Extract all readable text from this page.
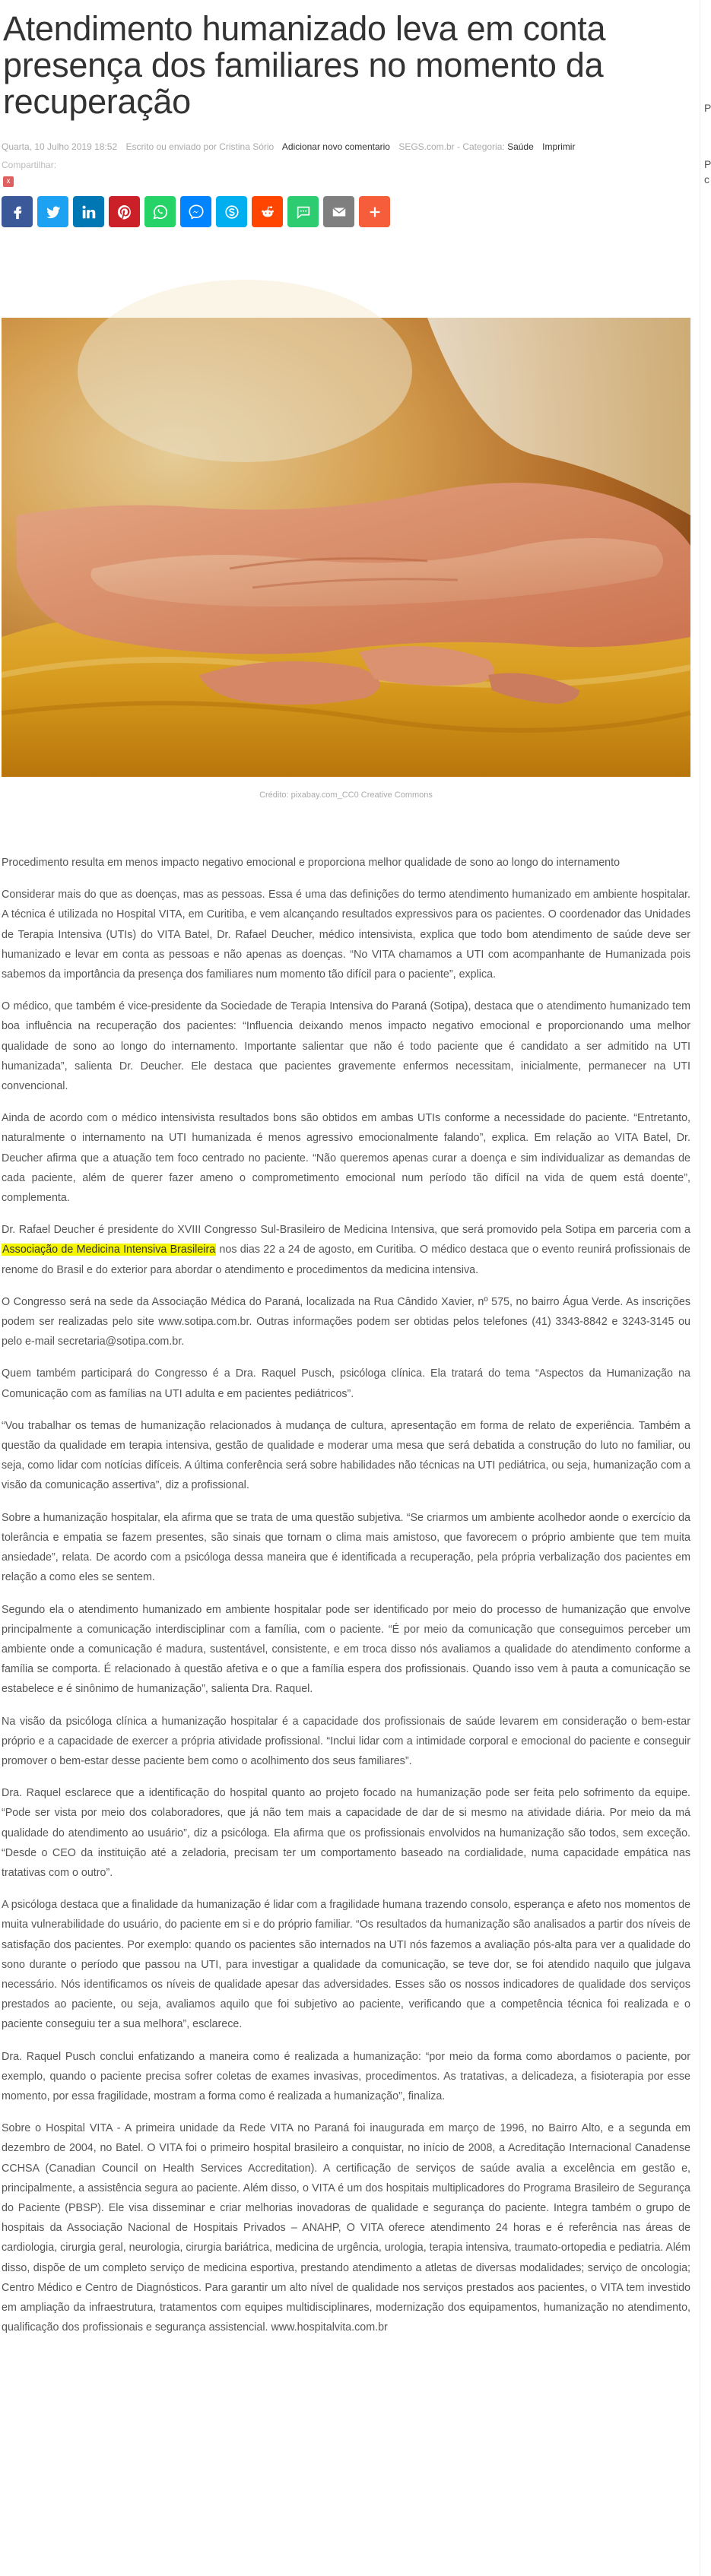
Atendimento humanizado leva em conta presença dos familiares no momento da recuperação
Quarta, 10 Julho 2019 18:52 Escrito ou enviado por Cristina Sório Adicionar novo comentario SEGS.com.br - Categoria: Saúde Imprimir
Compartilhar:
x
Crédito: pixabay.com_CC0 Creative Commons

Procedimento resulta em menos impacto negativo emocional e proporciona melhor qualidade de sono ao longo do internamento

Considerar mais do que as doenças, mas as pessoas. Essa é uma das definições do termo atendimento humanizado em ambiente hospitalar. A técnica é utilizada no Hospital VITA, em Curitiba, e vem alcançando resultados expressivos para os pacientes. O coordenador das Unidades de Terapia Intensiva (UTIs) do VITA Batel, Dr. Rafael Deucher, médico intensivista, explica que todo bom atendimento de saúde deve ser humanizado e levar em conta as pessoas e não apenas as doenças. “No VITA chamamos a UTI com acompanhante de Humanizada pois sabemos da importância da presença dos familiares num momento tão difícil para o paciente”, explica.

O médico, que também é vice-presidente da Sociedade de Terapia Intensiva do Paraná (Sotipa), destaca que o atendimento humanizado tem boa influência na recuperação dos pacientes: “Influencia deixando menos impacto negativo emocional e proporcionando uma melhor qualidade de sono ao longo do internamento. Importante salientar que não é todo paciente que é candidato a ser admitido na UTI humanizada”, salienta Dr. Deucher. Ele destaca que pacientes gravemente enfermos necessitam, inicialmente, permanecer na UTI convencional.

Ainda de acordo com o médico intensivista resultados bons são obtidos em ambas UTIs conforme a necessidade do paciente. “Entretanto, naturalmente o internamento na UTI humanizada é menos agressivo emocionalmente falando”, explica. Em relação ao VITA Batel, Dr. Deucher afirma que a atuação tem foco centrado no paciente. “Não queremos apenas curar a doença e sim individualizar as demandas de cada paciente, além de querer fazer ameno o comprometimento emocional num período tão difícil na vida de quem está doente”, complementa.

Dr. Rafael Deucher é presidente do XVIII Congresso Sul-Brasileiro de Medicina Intensiva, que será promovido pela Sotipa em parceria com a Associação de Medicina Intensiva Brasileira nos dias 22 a 24 de agosto, em Curitiba. O médico destaca que o evento reunirá profissionais de renome do Brasil e do exterior para abordar o atendimento e procedimentos da medicina intensiva.

O Congresso será na sede da Associação Médica do Paraná, localizada na Rua Cândido Xavier, nº 575, no bairro Água Verde. As inscrições podem ser realizadas pelo site www.sotipa.com.br. Outras informações podem ser obtidas pelos telefones (41) 3343-8842 e 3243-3145 ou pelo e-mail secretaria@sotipa.com.br.

Quem também participará do Congresso é a Dra. Raquel Pusch, psicóloga clínica. Ela tratará do tema “Aspectos da Humanização na Comunicação com as famílias na UTI adulta e em pacientes pediátricos”.

“Vou trabalhar os temas de humanização relacionados à mudança de cultura, apresentação em forma de relato de experiência. Também a questão da qualidade em terapia intensiva, gestão de qualidade e moderar uma mesa que será debatida a construção do luto no familiar, ou seja, como lidar com notícias difíceis. A última conferência será sobre habilidades não técnicas na UTI pediátrica, ou seja, humanização com a visão da comunicação assertiva”, diz a profissional.

Sobre a humanização hospitalar, ela afirma que se trata de uma questão subjetiva. “Se criarmos um ambiente acolhedor aonde o exercício da tolerância e empatia se fazem presentes, são sinais que tornam o clima mais amistoso, que favorecem o próprio ambiente que tem muita ansiedade”, relata. De acordo com a psicóloga dessa maneira que é identificada a recuperação, pela própria verbalização dos pacientes em relação a como eles se sentem.

Segundo ela o atendimento humanizado em ambiente hospitalar pode ser identificado por meio do processo de humanização que envolve principalmente a comunicação interdisciplinar com a família, com o paciente. “É por meio da comunicação que conseguimos perceber um ambiente onde a comunicação é madura, sustentável, consistente, e em troca disso nós avaliamos a qualidade do atendimento conforme a família se comporta. É relacionado à questão afetiva e o que a família espera dos profissionais. Quando isso vem à pauta a comunicação se estabelece e é sinônimo de humanização”, salienta Dra. Raquel.

Na visão da psicóloga clínica a humanização hospitalar é a capacidade dos profissionais de saúde levarem em consideração o bem-estar próprio e a capacidade de exercer a própria atividade profissional. “Inclui lidar com a intimidade corporal e emocional do paciente e conseguir promover o bem-estar desse paciente bem como o acolhimento dos seus familiares”.

Dra. Raquel esclarece que a identificação do hospital quanto ao projeto focado na humanização pode ser feita pelo sofrimento da equipe. “Pode ser vista por meio dos colaboradores, que já não tem mais a capacidade de dar de si mesmo na atividade diária. Por meio da má qualidade do atendimento ao usuário”, diz a psicóloga. Ela afirma que os profissionais envolvidos na humanização são todos, sem exceção. “Desde o CEO da instituição até a zeladoria, precisam ter um comportamento baseado na cordialidade, numa capacidade empática nas tratativas com o outro”.

A psicóloga destaca que a finalidade da humanização é lidar com a fragilidade humana trazendo consolo, esperança e afeto nos momentos de muita vulnerabilidade do usuário, do paciente em si e do próprio familiar. “Os resultados da humanização são analisados a partir dos níveis de satisfação dos pacientes. Por exemplo: quando os pacientes são internados na UTI nós fazemos a avaliação pós-alta para ver a qualidade do sono durante o período que passou na UTI, para investigar a qualidade da comunicação, se teve dor, se foi atendido naquilo que julgava necessário. Nós identificamos os níveis de qualidade apesar das adversidades. Esses são os nossos indicadores de qualidade dos serviços prestados ao paciente, ou seja, avaliamos aquilo que foi subjetivo ao paciente, verificando que a competência técnica foi realizada e o paciente conseguiu ter a sua melhora”, esclarece.

Dra. Raquel Pusch conclui enfatizando a maneira como é realizada a humanização: “por meio da forma como abordamos o paciente, por exemplo, quando o paciente precisa sofrer coletas de exames invasivas, procedimentos. As tratativas, a delicadeza, a fisioterapia por esse momento, por essa fragilidade, mostram a forma como é realizada a humanização”, finaliza.

Sobre o Hospital VITA - A primeira unidade da Rede VITA no Paraná foi inaugurada em março de 1996, no Bairro Alto, e a segunda em dezembro de 2004, no Batel. O VITA foi o primeiro hospital brasileiro a conquistar, no início de 2008, a Acreditação Internacional Canadense CCHSA (Canadian Council on Health Services Accreditation). A certificação de serviços de saúde avalia a excelência em gestão e, principalmente, a assistência segura ao paciente. Além disso, o VITA é um dos hospitais multiplicadores do Programa Brasileiro de Segurança do Paciente (PBSP). Ele visa disseminar e criar melhorias inovadoras de qualidade e segurança do paciente. Integra também o grupo de hospitais da Associação Nacional de Hospitais Privados – ANAHP, O VITA oferece atendimento 24 horas e é referência nas áreas de cardiologia, cirurgia geral, neurologia, cirurgia bariátrica, medicina de urgência, urologia, terapia intensiva, traumato-ortopedia e pediatria. Além disso, dispõe de um completo serviço de medicina esportiva, prestando atendimento a atletas de diversas modalidades; serviço de oncologia; Centro Médico e Centro de Diagnósticos. Para garantir um alto nível de qualidade nos serviços prestados aos pacientes, o VITA tem investido em ampliação da infraestrutura, tratamentos com equipes multidisciplinares, modernização dos equipamentos, humanização no atendimento, qualificação dos profissionais e segurança assistencial. www.hospitalvita.com.br

P
P
c
